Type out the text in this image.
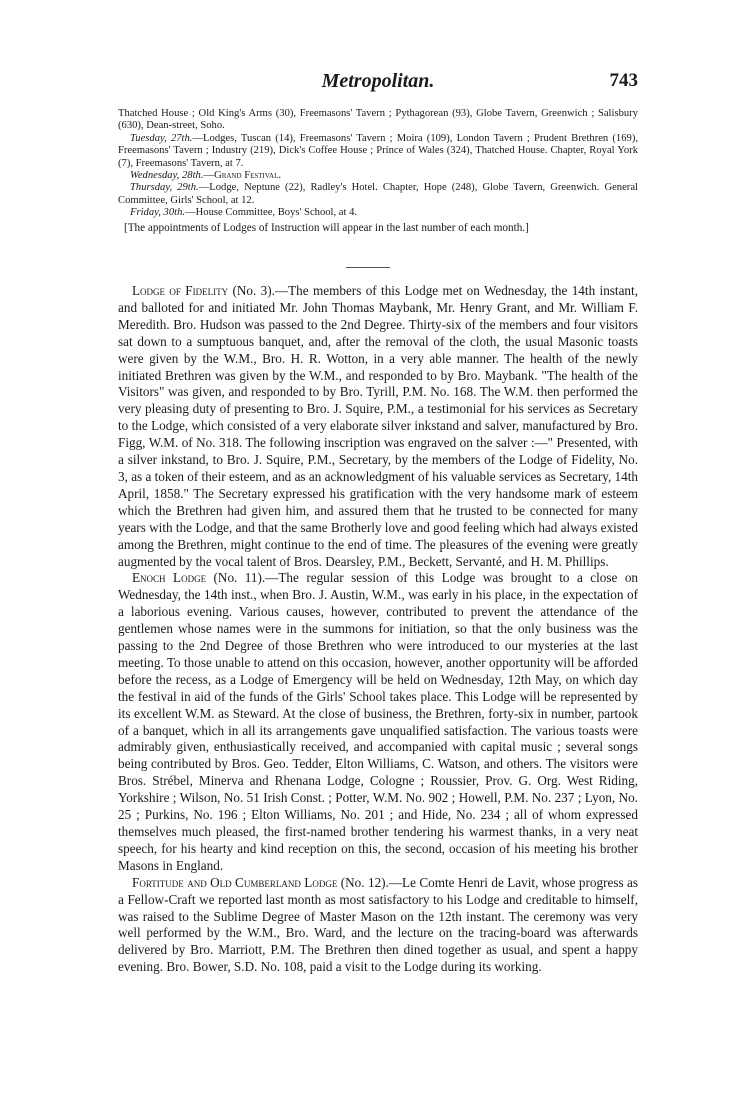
Metropolitan.	743

Thatched House ; Old King's Arms (30), Freemasons' Tavern ; Pythagorean (93), Globe Tavern, Greenwich ; Salisbury (630), Dean-street, Soho.

Tuesday, 27th.—Lodges, Tuscan (14), Freemasons' Tavern ; Moira (109), London Tavern ; Prudent Brethren (169), Freemasons' Tavern ; Industry (219), Dick's Coffee House ; Prince of Wales (324), Thatched House. Chapter, Royal York (7), Freemasons' Tavern, at 7.

Wednesday, 28th.—Grand Festival.

Thursday, 29th.—Lodge, Neptune (22), Radley's Hotel. Chapter, Hope (248), Globe Tavern, Greenwich. General Committee, Girls' School, at 12.

Friday, 30th.—House Committee, Boys' School, at 4.

[The appointments of Lodges of Instruction will appear in the last number of each month.]

Lodge of Fidelity (No. 3).—The members of this Lodge met on Wednesday, the 14th instant, and balloted for and initiated Mr. John Thomas Maybank, Mr. Henry Grant, and Mr. William F. Meredith. Bro. Hudson was passed to the 2nd Degree. Thirty-six of the members and four visitors sat down to a sumptuous banquet, and, after the removal of the cloth, the usual Masonic toasts were given by the W.M., Bro. H. R. Wotton, in a very able manner. The health of the newly initiated Brethren was given by the W.M., and responded to by Bro. Maybank. "The health of the Visitors" was given, and responded to by Bro. Tyrill, P.M. No. 168. The W.M. then performed the very pleasing duty of presenting to Bro. J. Squire, P.M., a testimonial for his services as Secretary to the Lodge, which consisted of a very elaborate silver inkstand and salver, manufactured by Bro. Figg, W.M. of No. 318. The following inscription was engraved on the salver :—" Presented, with a silver inkstand, to Bro. J. Squire, P.M., Secretary, by the members of the Lodge of Fidelity, No. 3, as a token of their esteem, and as an acknowledgment of his valuable services as Secretary, 14th April, 1858." The Secretary expressed his gratification with the very handsome mark of esteem which the Brethren had given him, and assured them that he trusted to be connected for many years with the Lodge, and that the same Brotherly love and good feeling which had always existed among the Brethren, might continue to the end of time. The pleasures of the evening were greatly augmented by the vocal talent of Bros. Dearsley, P.M., Beckett, Servanté, and H. M. Phillips.

Enoch Lodge (No. 11).—The regular session of this Lodge was brought to a close on Wednesday, the 14th inst., when Bro. J. Austin, W.M., was early in his place, in the expectation of a laborious evening. Various causes, however, contributed to prevent the attendance of the gentlemen whose names were in the summons for initiation, so that the only business was the passing to the 2nd Degree of those Brethren who were introduced to our mysteries at the last meeting. To those unable to attend on this occasion, however, another opportunity will be afforded before the recess, as a Lodge of Emergency will be held on Wednesday, 12th May, on which day the festival in aid of the funds of the Girls' School takes place. This Lodge will be represented by its excellent W.M. as Steward. At the close of business, the Brethren, forty-six in number, partook of a banquet, which in all its arrangements gave unqualified satisfaction. The various toasts were admirably given, enthusiastically received, and accompanied with capital music ; several songs being contributed by Bros. Geo. Tedder, Elton Williams, C. Watson, and others. The visitors were Bros. Strébel, Minerva and Rhenana Lodge, Cologne ; Roussier, Prov. G. Org. West Riding, Yorkshire ; Wilson, No. 51 Irish Const. ; Potter, W.M. No. 902 ; Howell, P.M. No. 237 ; Lyon, No. 25 ; Purkins, No. 196 ; Elton Williams, No. 201 ; and Hide, No. 234 ; all of whom expressed themselves much pleased, the first-named brother tendering his warmest thanks, in a very neat speech, for his hearty and kind reception on this, the second, occasion of his meeting his brother Masons in England.

Fortitude and Old Cumberland Lodge (No. 12).—Le Comte Henri de Lavit, whose progress as a Fellow-Craft we reported last month as most satisfactory to his Lodge and creditable to himself, was raised to the Sublime Degree of Master Mason on the 12th instant. The ceremony was very well performed by the W.M., Bro. Ward, and the lecture on the tracing-board was afterwards delivered by Bro. Marriott, P.M. The Brethren then dined together as usual, and spent a happy evening. Bro. Bower, S.D. No. 108, paid a visit to the Lodge during its working.
